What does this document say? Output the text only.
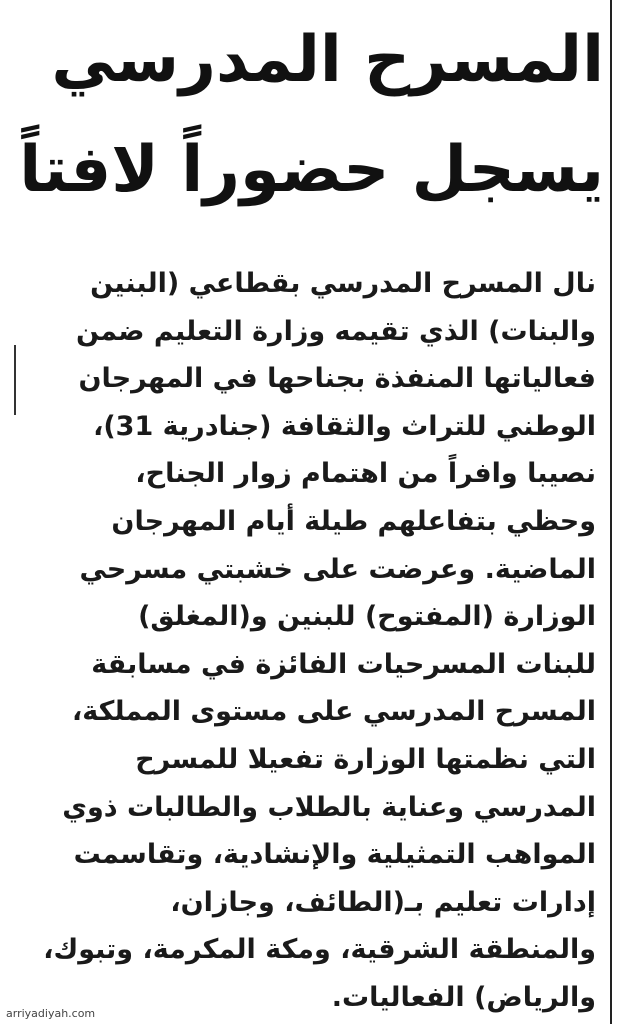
المسرح المدرسي
يسجل حضوراً لافتاً
نال المسرح المدرسي بقطاعي (البنين
والبنات) الذي تقيمه وزارة التعليم ضمن
فعالياتها المنفذة بجناحها في المهرجان
الوطني للتراث والثقافة (جنادرية 31)،
نصيبا وافراً من اهتمام زوار الجناح،
وحظي بتفاعلهم طيلة أيام المهرجان
الماضية. وعرضت على خشبتي مسرحي
الوزارة (المفتوح) للبنين و(المغلق)
للبنات المسرحيات الفائزة في مسابقة
المسرح المدرسي على مستوى المملكة،
التي نظمتها الوزارة تفعيلا للمسرح
المدرسي وعناية بالطلاب والطالبات ذوي
المواهب التمثيلية والإنشادية، وتقاسمت
إدارات تعليم بـ(الطائف، وجازان،
والمنطقة الشرقية، ومكة المكرمة، وتبوك،
والرياض) الفعاليات.
arriyadiyah.com
